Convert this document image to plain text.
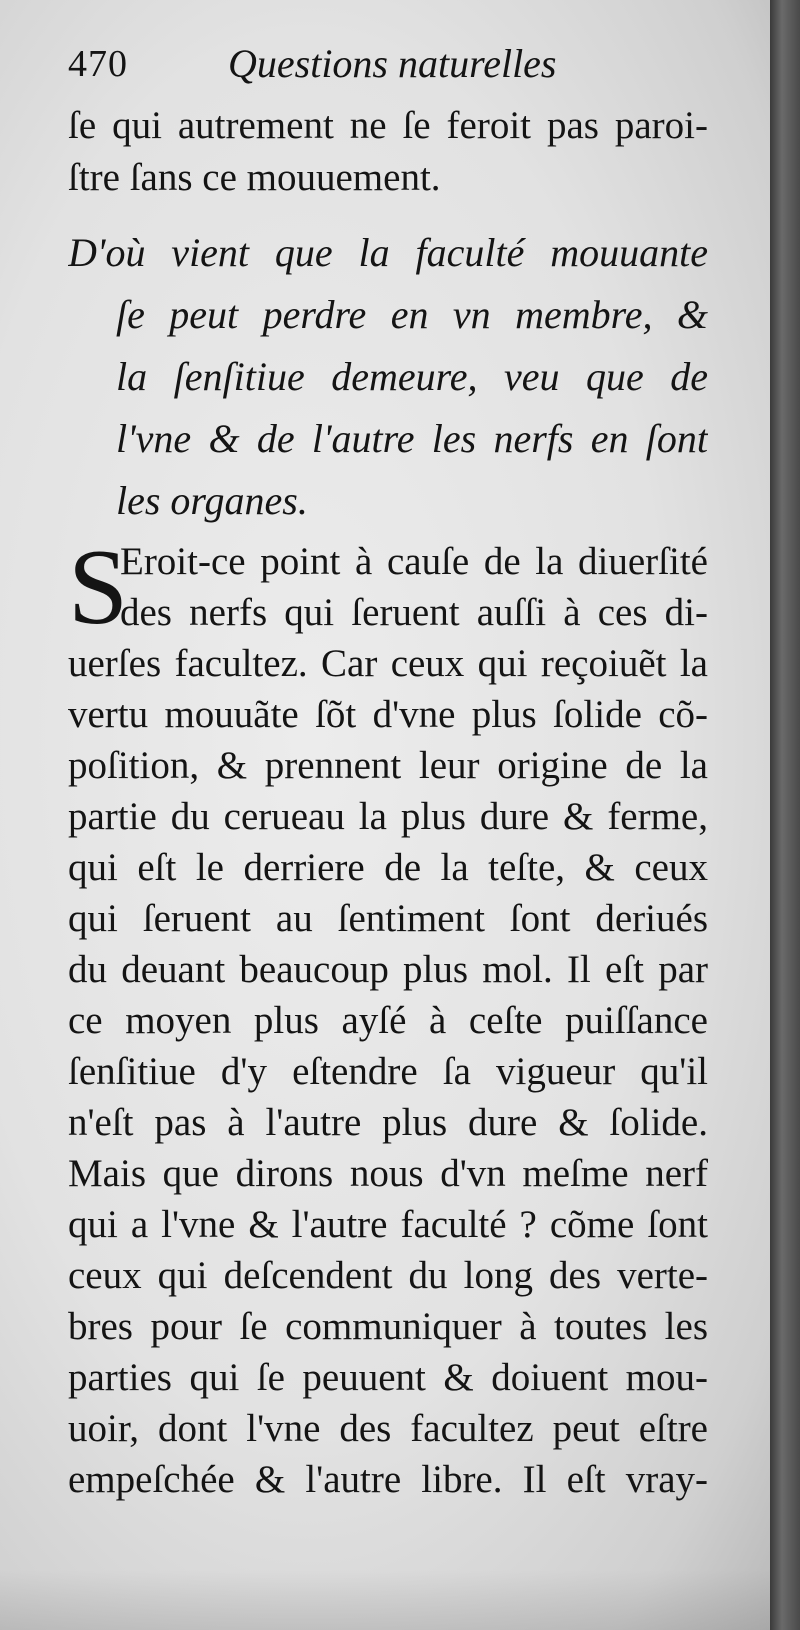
470	Questions naturelles
ſe qui autrement ne ſe feroit pas paroi-
ſtre ſans ce mouuement.
D'où vient que la faculté mouuante
ſe peut perdre en vn membre, &
la ſenſitiue demeure, veu que de
l'vne & de l'autre les nerfs en ſont
les organes.
S
Eroit-ce point à cauſe de la diuerſité
des nerfs qui ſeruent auſſi à ces di-
uerſes facultez. Car ceux qui reçoiuẽt la
vertu mouuãte ſõt d'vne plus ſolide cõ-
poſition, & prennent leur origine de la
partie du cerueau la plus dure & ferme,
qui eſt le derriere de la teſte, & ceux
qui ſeruent au ſentiment ſont deriués
du deuant beaucoup plus mol. Il eſt par
ce moyen plus ayſé à ceſte puiſſance
ſenſitiue d'y eſtendre ſa vigueur qu'il
n'eſt pas à l'autre plus dure & ſolide.
Mais que dirons nous d'vn meſme nerf
qui a l'vne & l'autre faculté ? cõme ſont
ceux qui deſcendent du long des verte-
bres pour ſe communiquer à toutes les
parties qui ſe peuuent & doiuent mou-
uoir, dont l'vne des facultez peut eſtre
empeſchée & l'autre libre. Il eſt vray-
